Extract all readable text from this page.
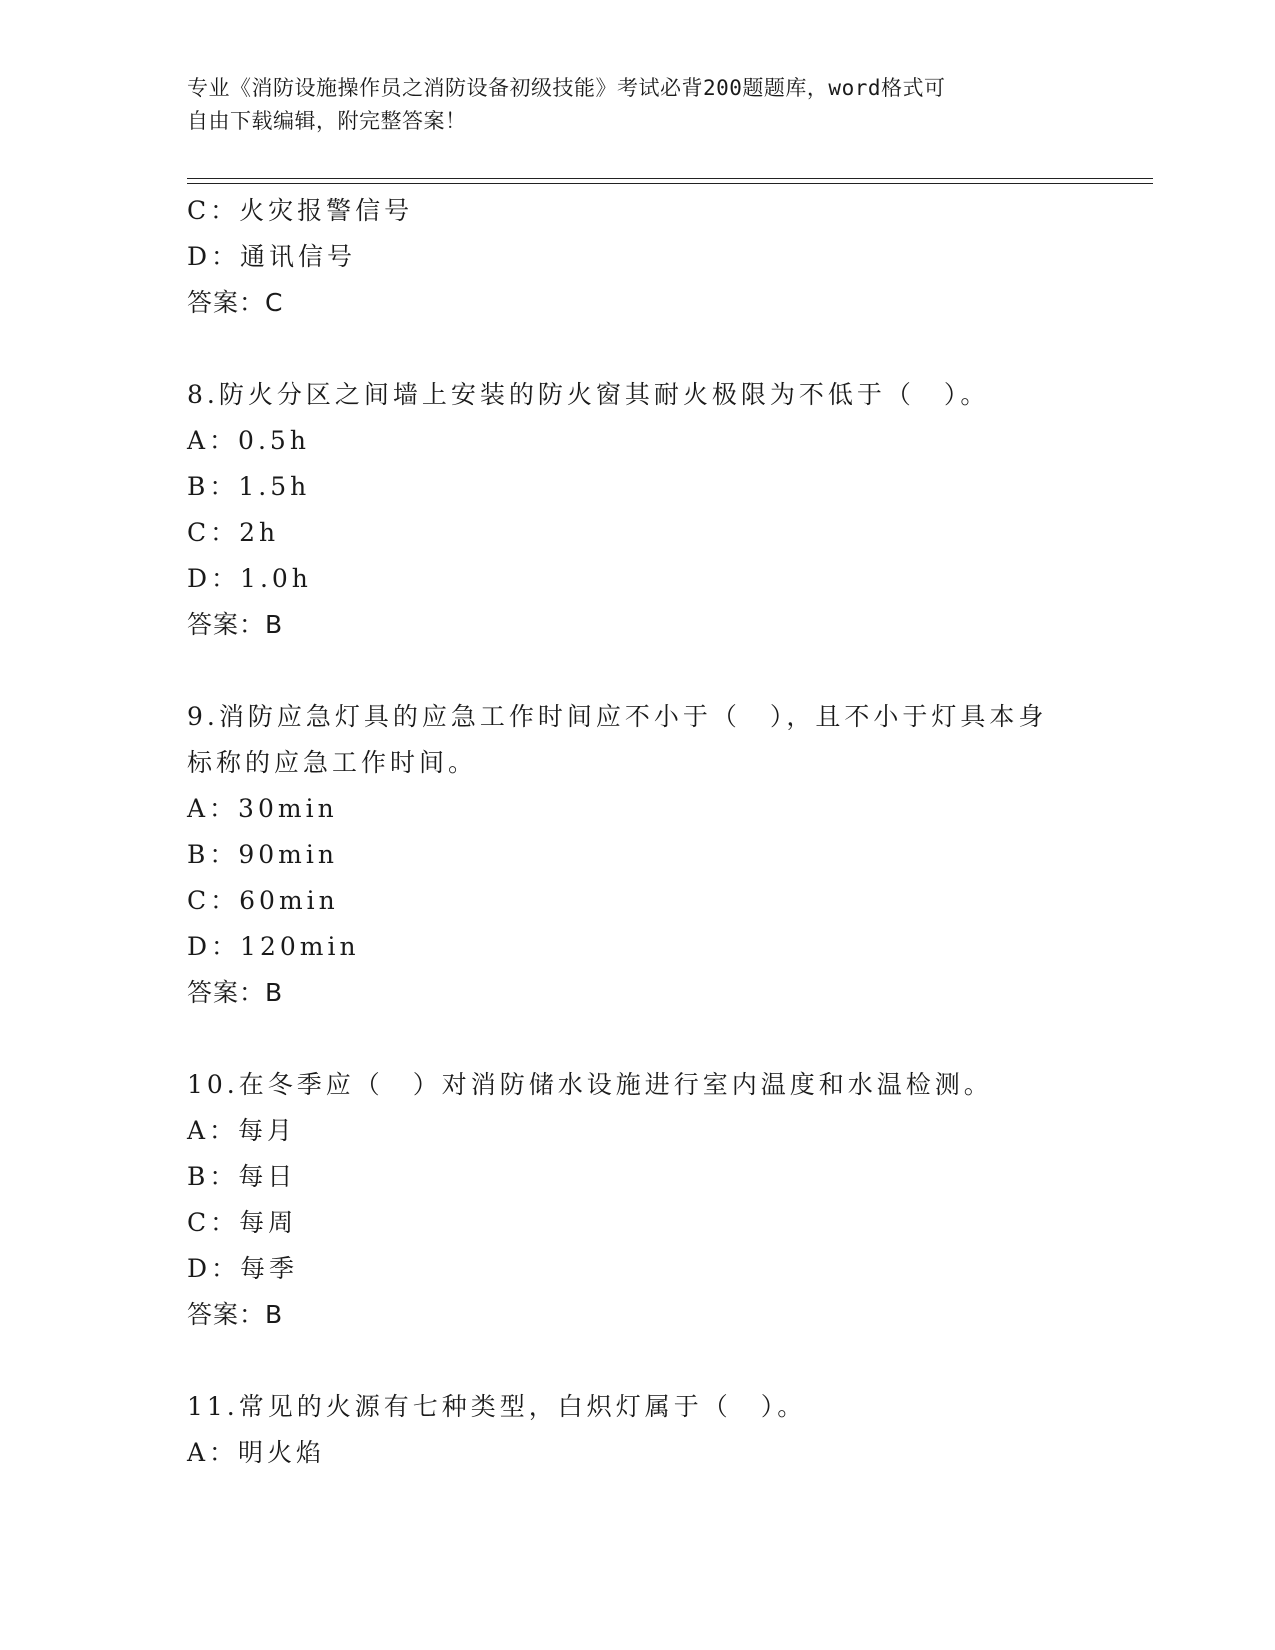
专业《消防设施操作员之消防设备初级技能》考试必背200题题库，word格式可
自由下载编辑，附完整答案！
C：火灾报警信号
D：通讯信号
答案：C
8.防火分区之间墙上安装的防火窗其耐火极限为不低于（　）。
A：0.5h
B：1.5h
C：2h
D：1.0h
答案：B
9.消防应急灯具的应急工作时间应不小于（　），且不小于灯具本身
标称的应急工作时间。
A：30min
B：90min
C：60min
D：120min
答案：B
10.在冬季应（　）对消防储水设施进行室内温度和水温检测。
A：每月
B：每日
C：每周
D：每季
答案：B
11.常见的火源有七种类型，白炽灯属于（　）。
A：明火焰
